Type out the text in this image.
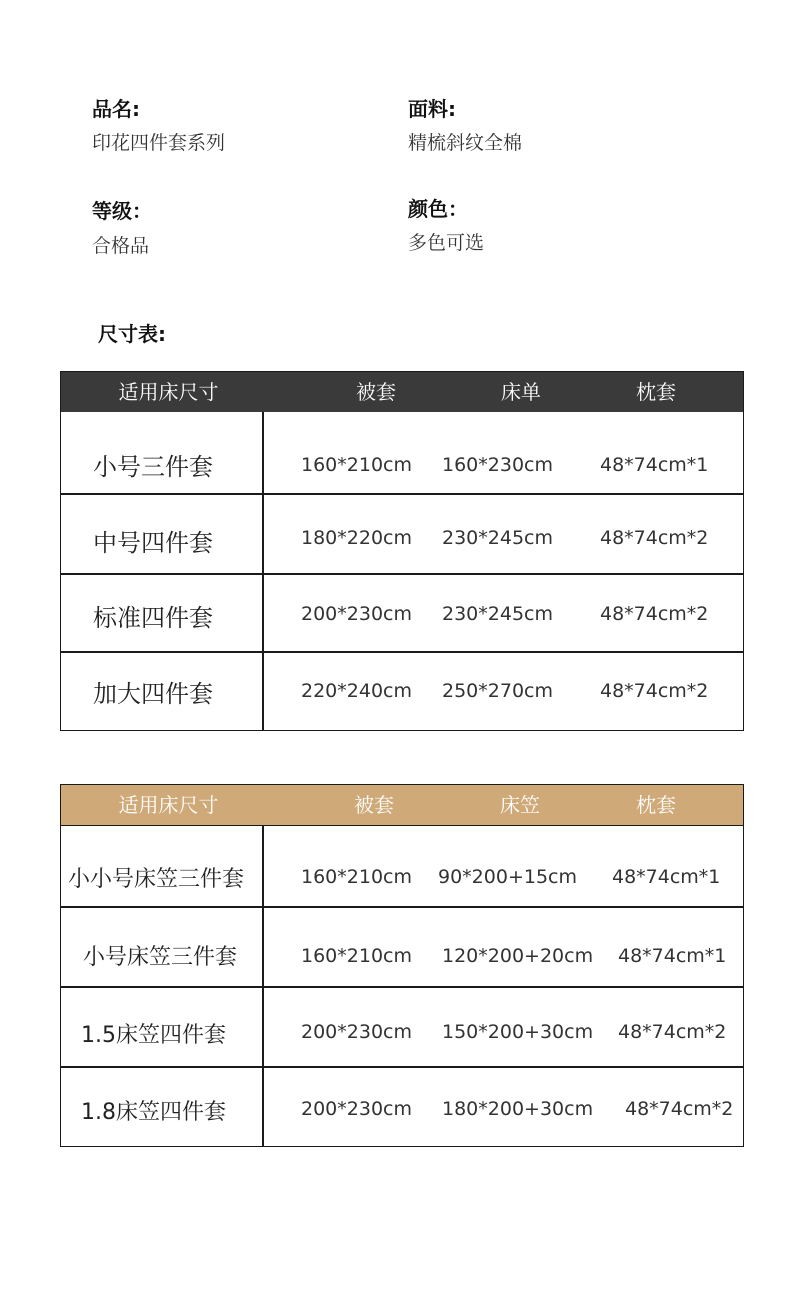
品名:
印花四件套系列
面料:
精梳斜纹全棉
等级：
合格品
颜色：
多色可选
尺寸表:
适用床尺寸	被套	床单	枕套
小号三件套	160*210cm 160*230cm 48*74cm*1
中号四件套	180*220cm 230*245cm 48*74cm*2
标准四件套	200*230cm 230*245cm 48*74cm*2
加大四件套	220*240cm 250*270cm 48*74cm*2
适用床尺寸	被套	床笠	枕套
小小号床笠三件套	160*210cm 90*200+15cm 48*74cm*1
小号床笠三件套	160*210cm 120*200+20cm 48*74cm*1
1.5床笠四件套	200*230cm 150*200+30cm 48*74cm*2
1.8床笠四件套	200*230cm 180*200+30cm 48*74cm*2
